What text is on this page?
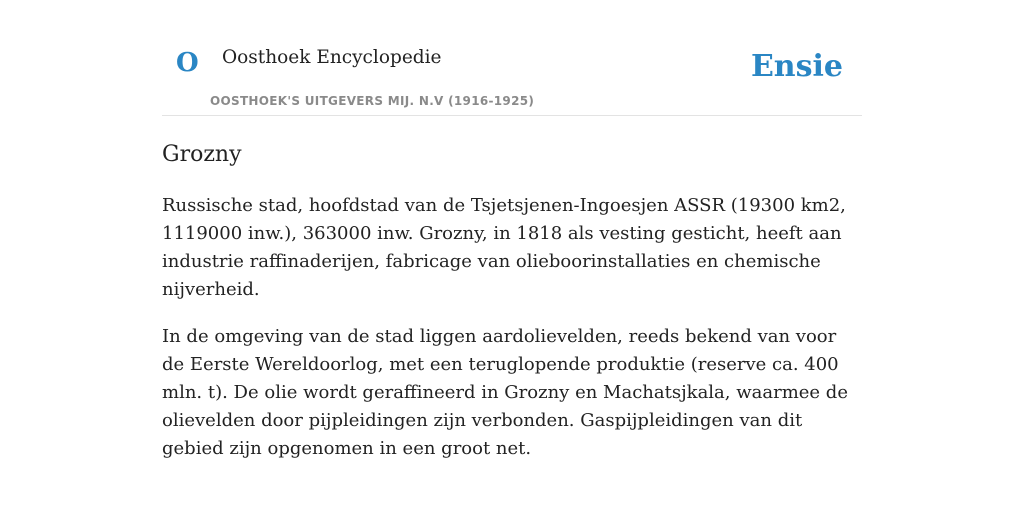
O Oosthoek Encyclopedie
OOSTHOEK'S UITGEVERS MIJ. N.V (1916-1925)
Ensie
Grozny

Russische stad, hoofdstad van de Tsjetsjenen-Ingoesjen ASSR (19300 km2, 1119000 inw.), 363000 inw. Grozny, in 1818 als vesting gesticht, heeft aan industrie raffinaderijen, fabricage van olieboorinstallaties en chemische nijverheid.

In de omgeving van de stad liggen aardolievelden, reeds bekend van voor de Eerste Wereldoorlog, met een teruglopende produktie (reserve ca. 400 mln. t). De olie wordt geraffineerd in Grozny en Machatsjkala, waarmee de olievelden door pijpleidingen zijn verbonden. Gaspijpleidingen van dit gebied zijn opgenomen in een groot net.
